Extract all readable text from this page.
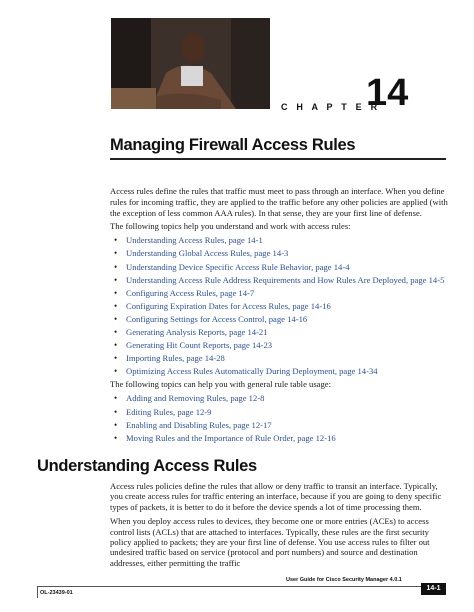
C H A P T E R
14
Managing Firewall Access Rules

Access rules define the rules that traffic must meet to pass through an interface. When you define rules for incoming traffic, they are applied to the traffic before any other policies are applied (with the exception of less common AAA rules). In that sense, they are your first line of defense.

The following topics help you understand and work with access rules:
• Understanding Access Rules, page 14-1
• Understanding Global Access Rules, page 14-3
• Understanding Device Specific Access Rule Behavior, page 14-4
• Understanding Access Rule Address Requirements and How Rules Are Deployed, page 14-5
• Configuring Access Rules, page 14-7
• Configuring Expiration Dates for Access Rules, page 14-16
• Configuring Settings for Access Control, page 14-16
• Generating Analysis Reports, page 14-21
• Generating Hit Count Reports, page 14-23
• Importing Rules, page 14-28
• Optimizing Access Rules Automatically During Deployment, page 14-34
The following topics can help you with general rule table usage:
• Adding and Removing Rules, page 12-8
• Editing Rules, page 12-9
• Enabling and Disabling Rules, page 12-17
• Moving Rules and the Importance of Rule Order, page 12-16
Understanding Access Rules

Access rules policies define the rules that allow or deny traffic to transit an interface. Typically, you create access rules for traffic entering an interface, because if you are going to deny specific types of packets, it is better to do it before the device spends a lot of time processing them.

When you deploy access rules to devices, they become one or more entries (ACEs) to access control lists (ACLs) that are attached to interfaces. Typically, these rules are the first security policy applied to packets; they are your first line of defense. You use access rules to filter out undesired traffic based on service (protocol and port numbers) and source and destination addresses, either permitting the traffic

User Guide for Cisco Security Manager 4.0.1
OL-23439-01
14-1
